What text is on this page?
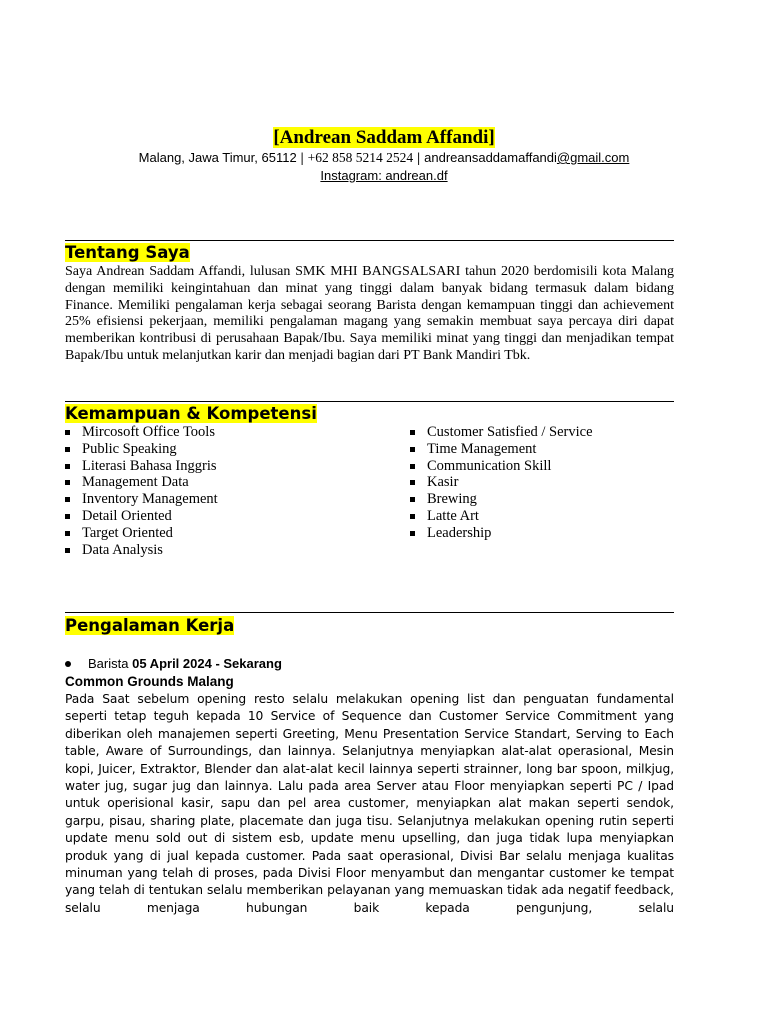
[Andrean Saddam Affandi]
Malang, Jawa Timur, 65112 | +62 858 5214 2524 | andreansaddamaffandi@gmail.com
Instagram: andrean.df
Tentang Saya
Saya Andrean Saddam Affandi, lulusan SMK MHI BANGSALSARI tahun 2020 berdomisili kota Malang dengan memiliki keingintahuan dan minat yang tinggi dalam banyak bidang termasuk dalam bidang Finance. Memiliki pengalaman kerja sebagai seorang Barista dengan kemampuan tinggi dan achievement 25% efisiensi pekerjaan, memiliki pengalaman magang yang semakin membuat saya percaya diri dapat memberikan kontribusi di perusahaan Bapak/Ibu. Saya memiliki minat yang tinggi dan menjadikan tempat Bapak/Ibu untuk melanjutkan karir dan menjadi bagian dari PT Bank Mandiri Tbk.
Kemampuan & Kompetensi
Mircosoft Office Tools
Public Speaking
Literasi Bahasa Inggris
Management Data
Inventory Management
Detail Oriented
Target Oriented
Data Analysis
Customer Satisfied / Service
Time Management
Communication Skill
Kasir
Brewing
Latte Art
Leadership
Pengalaman Kerja
Barista 05 April 2024 - Sekarang
Common Grounds Malang
Pada Saat sebelum opening resto selalu melakukan opening list dan penguatan fundamental seperti tetap teguh kepada 10 Service of Sequence dan Customer Service Commitment yang diberikan oleh manajemen seperti Greeting, Menu Presentation Service Standart, Serving to Each table, Aware of Surroundings, dan lainnya. Selanjutnya menyiapkan alat-alat operasional, Mesin kopi, Juicer, Extraktor, Blender dan alat-alat kecil lainnya seperti strainner, long bar spoon, milkjug, water jug, sugar jug dan lainnya. Lalu pada area Server atau Floor menyiapkan seperti PC / Ipad untuk operisional kasir, sapu dan pel area customer, menyiapkan alat makan seperti sendok, garpu, pisau, sharing plate, placemate dan juga tisu. Selanjutnya melakukan opening rutin seperti update menu sold out di sistem esb, update menu upselling, dan juga tidak lupa menyiapkan produk yang di jual kepada customer. Pada saat operasional, Divisi Bar selalu menjaga kualitas minuman yang telah di proses, pada Divisi Floor menyambut dan mengantar customer ke tempat yang telah di tentukan selalu memberikan pelayanan yang memuaskan tidak ada negatif feedback, selalu menjaga hubungan baik kepada pengunjung, selalu
